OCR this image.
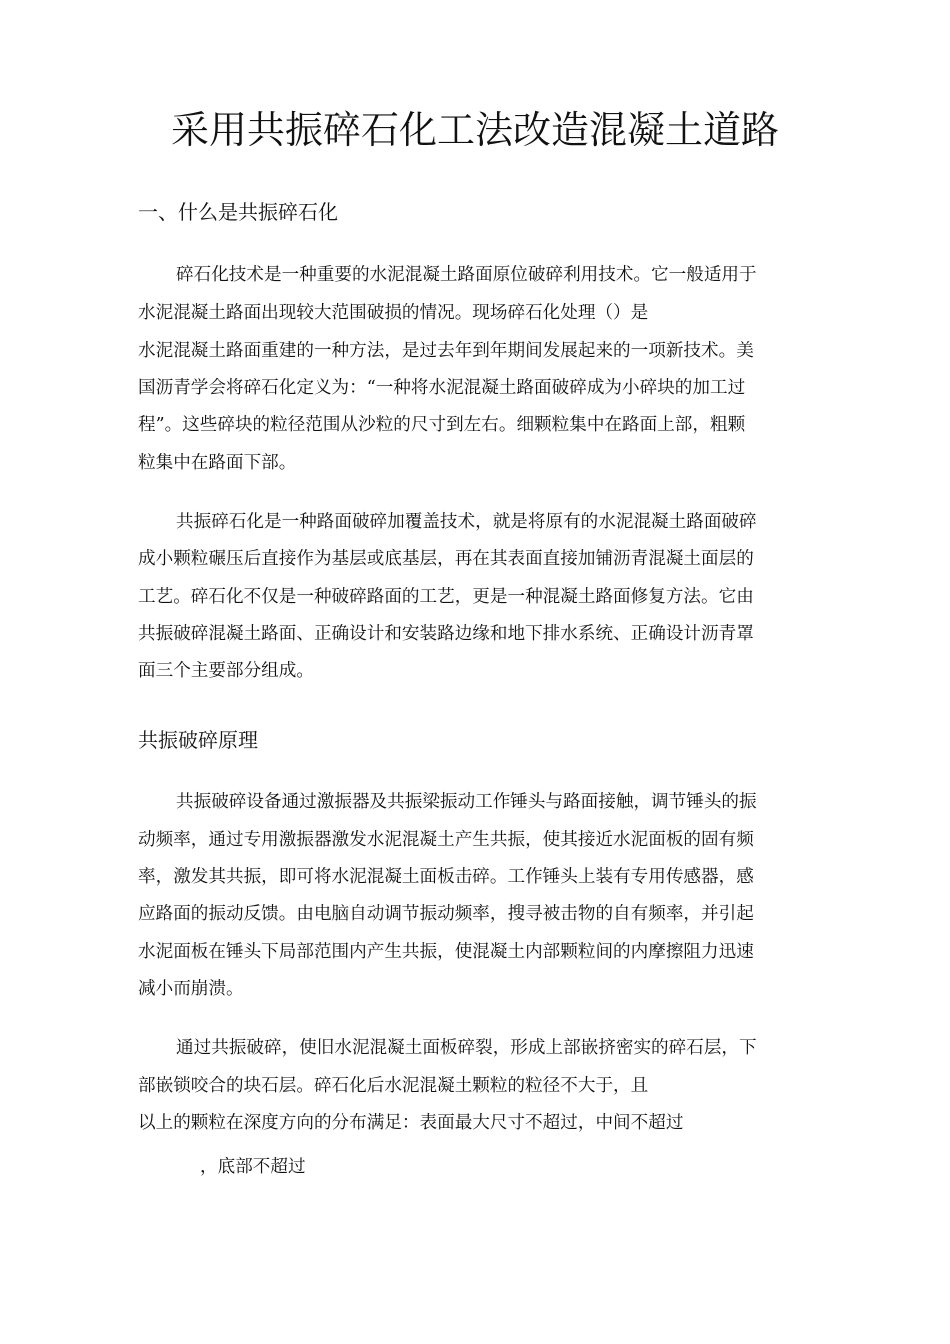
采用共振碎石化工法改造混凝土道路
一、什么是共振碎石化
碎石化技术是一种重要的水泥混凝土路面原位破碎利用技术。它一般适用于
水泥混凝土路面出现较大范围破损的情况。现场碎石化处理（）是
水泥混凝土路面重建的一种方法，是过去年到年期间发展起来的一项新技术。美
国沥青学会将碎石化定义为：“一种将水泥混凝土路面破碎成为小碎块的加工过
程”。这些碎块的粒径范围从沙粒的尺寸到左右。细颗粒集中在路面上部，粗颗
粒集中在路面下部。
共振碎石化是一种路面破碎加覆盖技术，就是将原有的水泥混凝土路面破碎
成小颗粒碾压后直接作为基层或底基层，再在其表面直接加铺沥青混凝土面层的
工艺。碎石化不仅是一种破碎路面的工艺，更是一种混凝土路面修复方法。它由
共振破碎混凝土路面、正确设计和安装路边缘和地下排水系统、正确设计沥青罩
面三个主要部分组成。
共振破碎原理
共振破碎设备通过激振器及共振梁振动工作锤头与路面接触，调节锤头的振
动频率，通过专用激振器激发水泥混凝土产生共振，使其接近水泥面板的固有频
率，激发其共振，即可将水泥混凝土面板击碎。工作锤头上装有专用传感器，感
应路面的振动反馈。由电脑自动调节振动频率，搜寻被击物的自有频率，并引起
水泥面板在锤头下局部范围内产生共振，使混凝土内部颗粒间的内摩擦阻力迅速
减小而崩溃。
通过共振破碎，使旧水泥混凝土面板碎裂，形成上部嵌挤密实的碎石层，下
部嵌锁咬合的块石层。碎石化后水泥混凝土颗粒的粒径不大于，且
以上的颗粒在深度方向的分布满足：表面最大尺寸不超过，中间不超过
，底部不超过
